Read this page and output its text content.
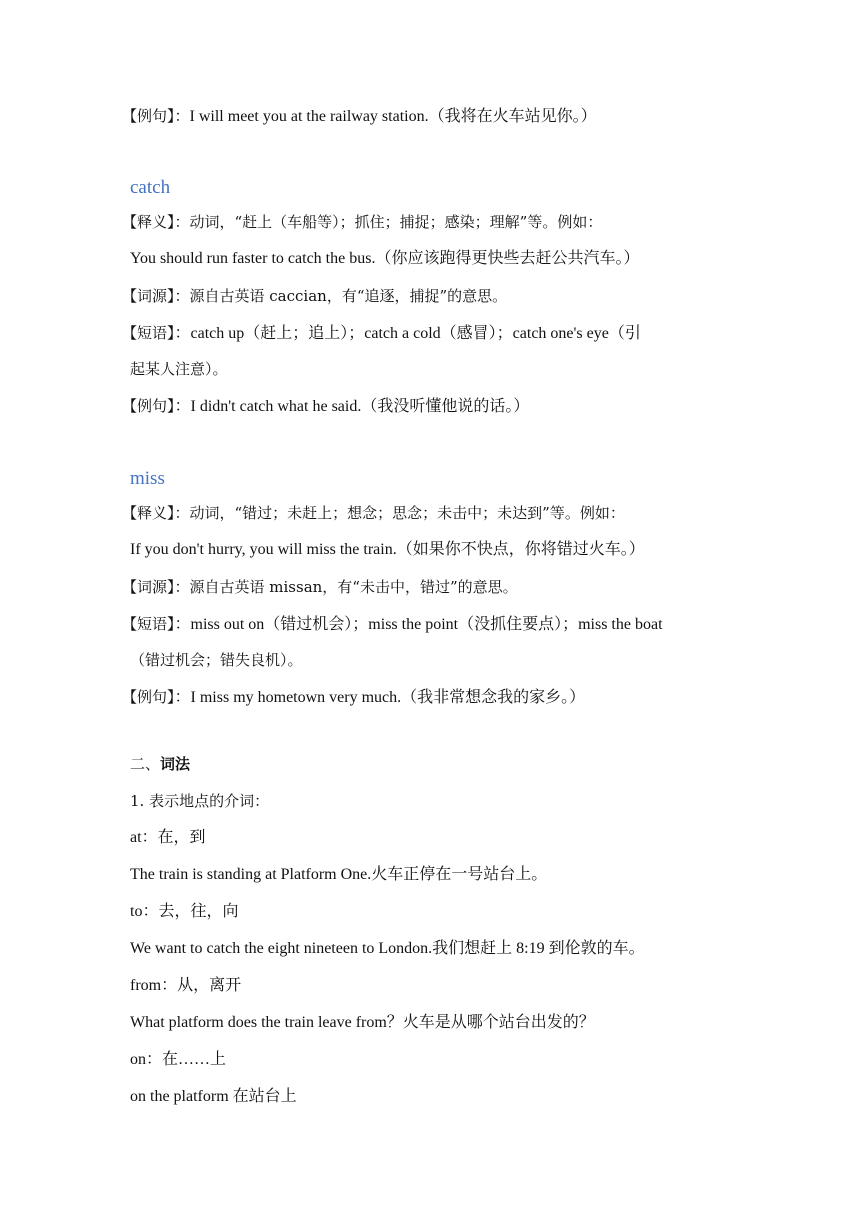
【例句】：I will meet you at the railway station.（我将在火车站见你。）
catch
【释义】：动词，“赶上（车船等）；抓住；捕捉；感染；理解”等。例如：
You should run faster to catch the bus.（你应该跑得更快些去赶公共汽车。）
【词源】：源自古英语 caccian，有“追逐，捕捉”的意思。
【短语】：catch up（赶上；追上）；catch a cold（感冒）；catch one's eye（引
起某人注意）。
【例句】：I didn't catch what he said.（我没听懂他说的话。）
miss
【释义】：动词，“错过；未赶上；想念；思念；未击中；未达到”等。例如：
If you don't hurry, you will miss the train.（如果你不快点，你将错过火车。）
【词源】：源自古英语 missan，有“未击中，错过”的意思。
【短语】：miss out on（错过机会）；miss the point（没抓住要点）；miss the boat
（错过机会；错失良机）。
【例句】：I miss my hometown very much.（我非常想念我的家乡。）
二、词法
1. 表示地点的介词：
at：在，到
The train is standing at Platform One.火车正停在一号站台上。
to：去，往，向
We want to catch the eight nineteen to London.我们想赶上 8:19 到伦敦的车。
from：从，离开
What platform does the train leave from？火车是从哪个站台出发的？
on：在……上
on the platform 在站台上
